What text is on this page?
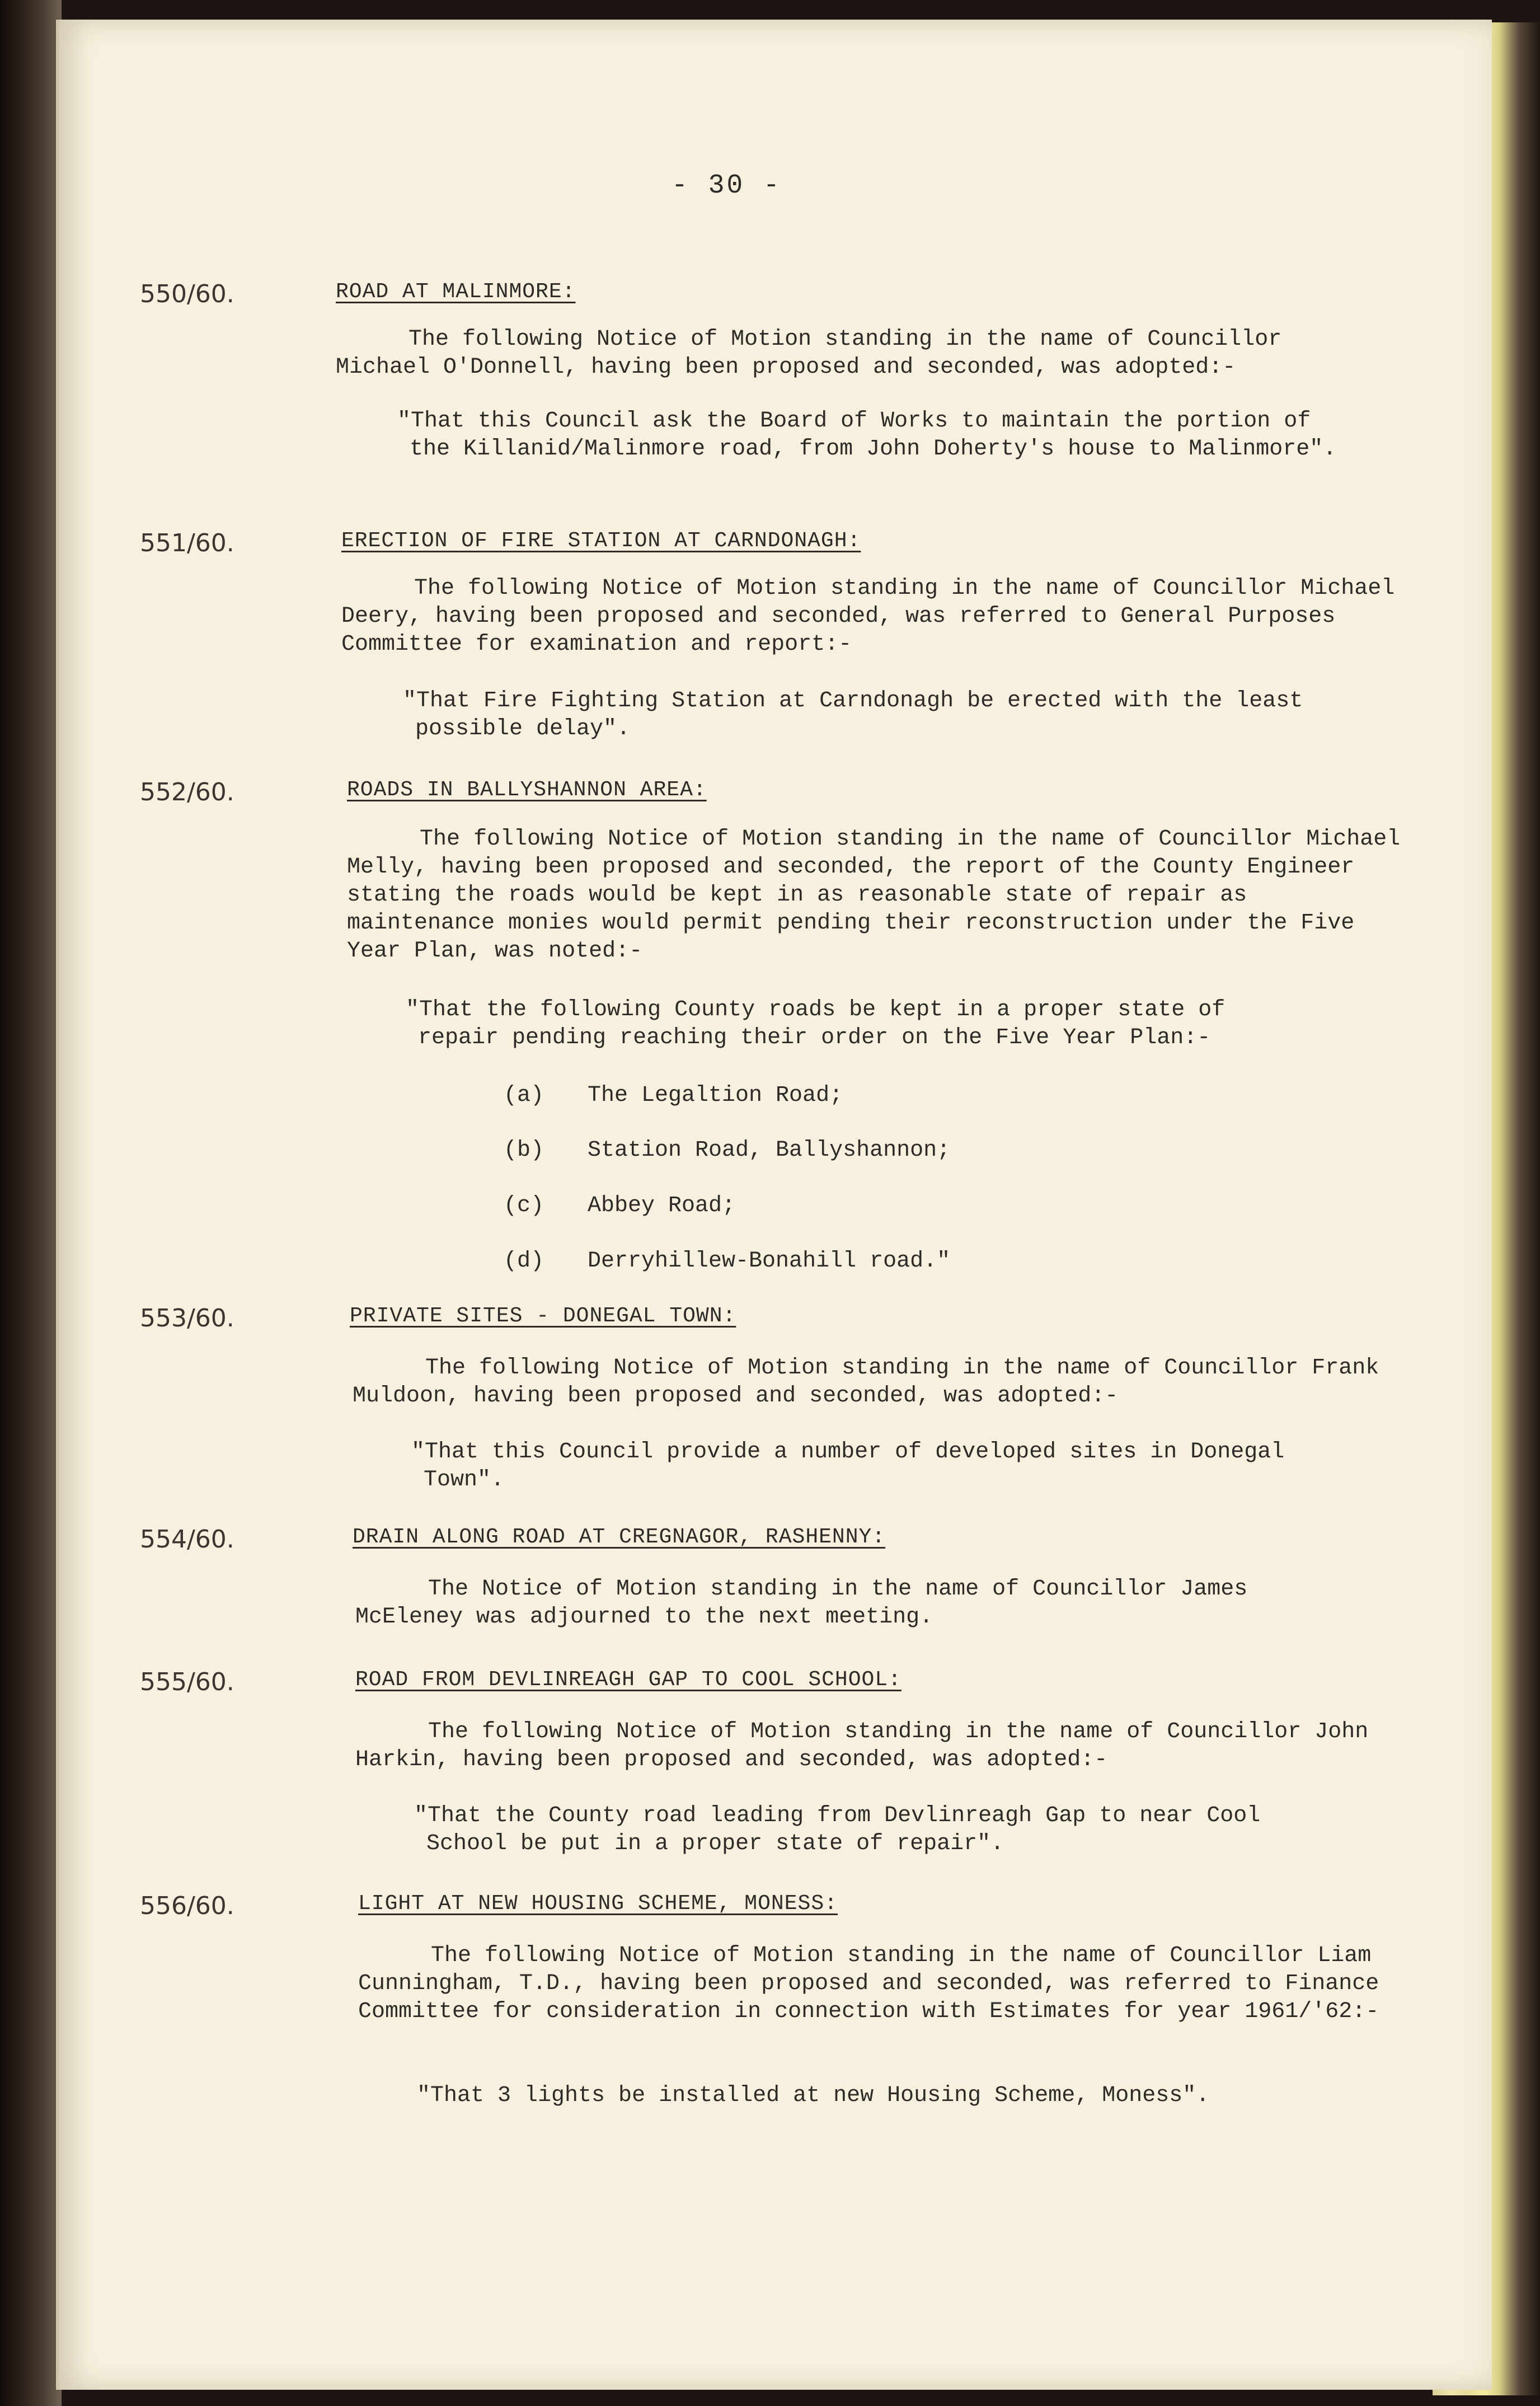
- 30 -
550/60.	ROAD AT MALINMORE:

The following Notice of Motion standing in the name of Councillor Michael O'Donnell, having been proposed and seconded, was adopted:-

"That this Council ask the Board of Works to maintain the portion of the Killanid/Malinmore road, from John Doherty's house to Malinmore".

551/60.	ERECTION OF FIRE STATION AT CARNDONAGH:

The following Notice of Motion standing in the name of Councillor Michael Deery, having been proposed and seconded, was referred to General Purposes Committee for examination and report:-

"That Fire Fighting Station at Carndonagh be erected with the least possible delay".

552/60.	ROADS IN BALLYSHANNON AREA:

The following Notice of Motion standing in the name of Councillor Michael Melly, having been proposed and seconded, the report of the County Engineer stating the roads would be kept in as reasonable state of repair as maintenance monies would permit pending their reconstruction under the Five Year Plan, was noted:-

"That the following County roads be kept in a proper state of repair pending reaching their order on the Five Year Plan:-

(a) The Legaltion Road;
(b) Station Road, Ballyshannon;
(c) Abbey Road;
(d) Derryhillew-Bonahill road."
553/60.	PRIVATE SITES - DONEGAL TOWN:

The following Notice of Motion standing in the name of Councillor Frank Muldoon, having been proposed and seconded, was adopted:-

"That this Council provide a number of developed sites in Donegal Town".

554/60.	DRAIN ALONG ROAD AT CREGNAGOR, RASHENNY:

The Notice of Motion standing in the name of Councillor James McEleney was adjourned to the next meeting.

555/60.	ROAD FROM DEVLINREAGH GAP TO COOL SCHOOL:

The following Notice of Motion standing in the name of Councillor John Harkin, having been proposed and seconded, was adopted:-

"That the County road leading from Devlinreagh Gap to near Cool School be put in a proper state of repair".

556/60.	LIGHT AT NEW HOUSING SCHEME, MONESS:

The following Notice of Motion standing in the name of Councillor Liam Cunningham, T.D., having been proposed and seconded, was referred to Finance Committee for consideration in connection with Estimates for year 1961/'62:-

"That 3 lights be installed at new Housing Scheme, Moness".
